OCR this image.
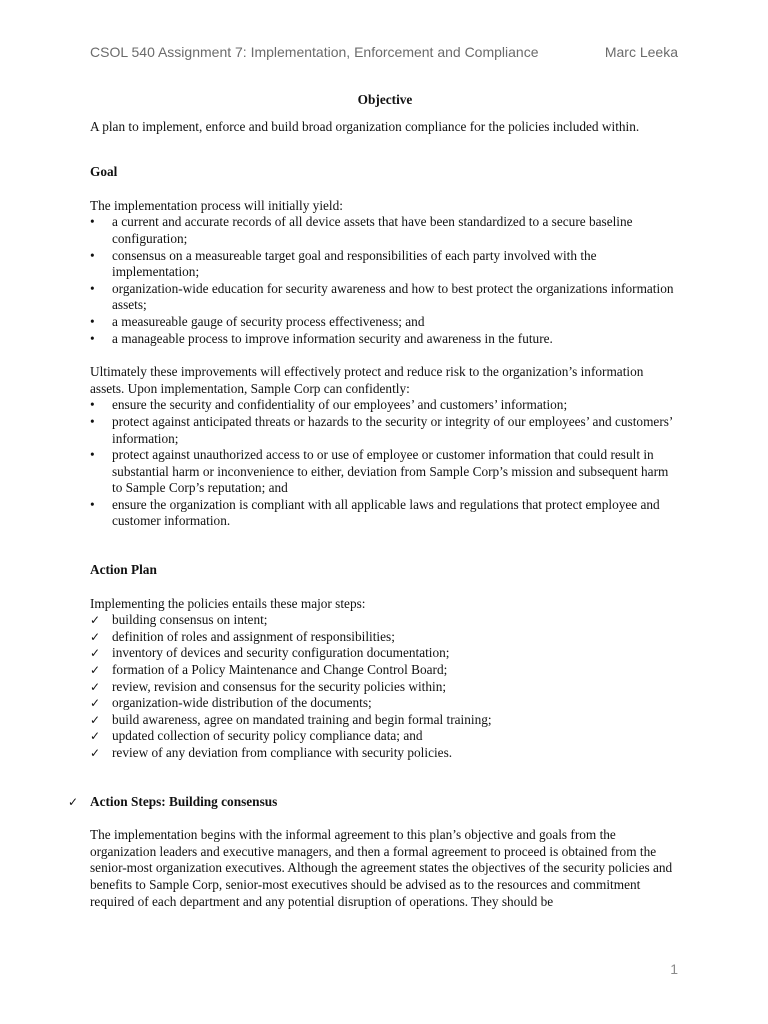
CSOL 540 Assignment 7: Implementation, Enforcement and Compliance	Marc Leeka

Objective

A plan to implement, enforce and build broad organization compliance for the policies included within.

Goal

The implementation process will initially yield:

• a current and accurate records of all device assets that have been standardized to a secure baseline configuration;
• consensus on a measureable target goal and responsibilities of each party involved with the implementation;
• organization-wide education for security awareness and how to best protect the organizations information assets;
• a measureable gauge of security process effectiveness; and
• a manageable process to improve information security and awareness in the future.

Ultimately these improvements will effectively protect and reduce risk to the organization’s information assets. Upon implementation, Sample Corp can confidently:

• ensure the security and confidentiality of our employees’ and customers’ information;
• protect against anticipated threats or hazards to the security or integrity of our employees’ and customers’ information;
• protect against unauthorized access to or use of employee or customer information that could result in substantial harm or inconvenience to either, deviation from Sample Corp’s mission and subsequent harm to Sample Corp’s reputation; and
• ensure the organization is compliant with all applicable laws and regulations that protect employee and customer information.
Action Plan

Implementing the policies entails these major steps:

✓ building consensus on intent;
✓ definition of roles and assignment of responsibilities;
✓ inventory of devices and security configuration documentation;
✓ formation of a Policy Maintenance and Change Control Board;
✓ review, revision and consensus for the security policies within;
✓ organization-wide distribution of the documents;
✓ build awareness, agree on mandated training and begin formal training;
✓ updated collection of security policy compliance data; and
✓ review of any deviation from compliance with security policies.
✓ Action Steps: Building consensus

The implementation begins with the informal agreement to this plan’s objective and goals from the organization leaders and executive managers, and then a formal agreement to proceed is obtained from the senior-most organization executives. Although the agreement states the objectives of the security policies and benefits to Sample Corp, senior-most executives should be advised as to the resources and commitment required of each department and any potential disruption of operations. They should be

1
